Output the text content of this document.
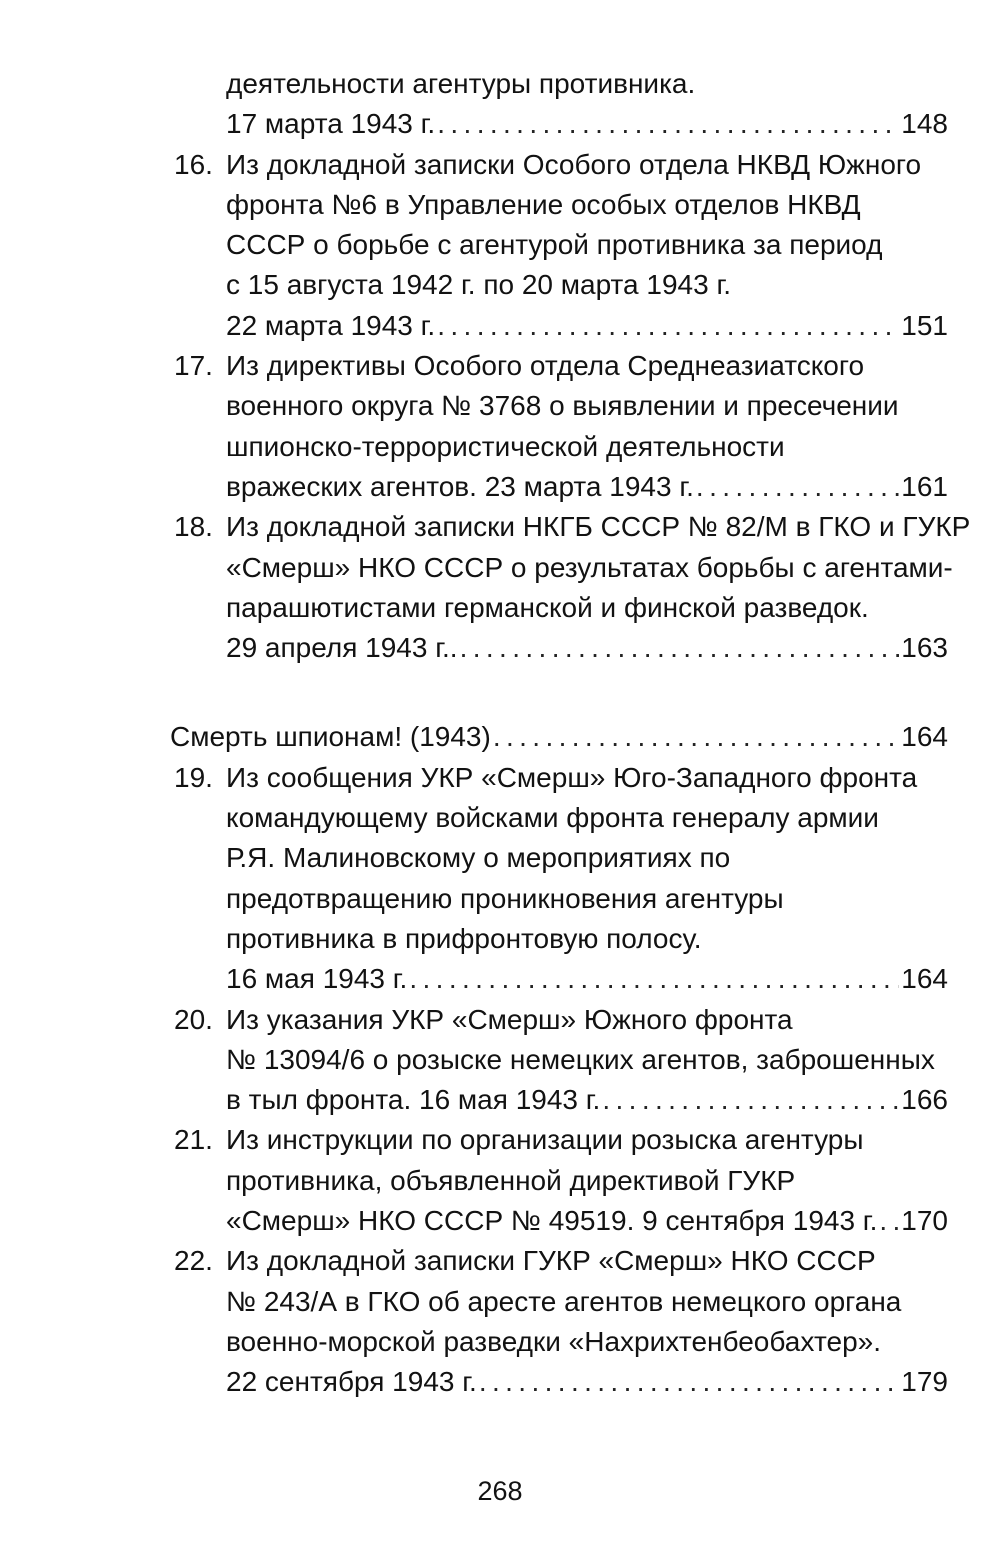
деятельности агентуры противника.
17 марта 1943 г. . . .	148
16. Из докладной записки Особого отдела НКВД Южного
фронта №6 в Управление особых отделов НКВД
СССР о борьбе с агентурой противника за период
с 15 августа 1942 г. по 20 марта 1943 г.
22 марта 1943 г. . . .	151
17. Из директивы Особого отдела Среднеазиатского
военного округа № 3768 о выявлении и пресечении
шпионско-террористической деятельности
вражеских агентов. 23 марта 1943 г. . . .	161
18. Из докладной записки НКГБ СССР № 82/М в ГКО и ГУКР
«Смерш» НКО СССР о результатах борьбы с агентами-
парашютистами германской и финской разведок.
29 апреля 1943 г.. . . .	163
Смерть шпионам! (1943) . . .	164
19. Из сообщения УКР «Смерш» Юго-Западного фронта
командующему войсками фронта генералу армии
Р.Я. Малиновскому о мероприятиях по
предотвращению проникновения агентуры
противника в прифронтовую полосу.
16 мая 1943 г. . . .	164
20. Из указания УКР «Смерш» Южного фронта
№ 13094/6 о розыске немецких агентов, заброшенных
в тыл фронта. 16 мая 1943 г. . . .	166
21. Из инструкции по организации розыска агентуры
противника, объявленной директивой ГУКР
«Смерш» НКО СССР № 49519. 9 сентября 1943 г. . . . 170
22. Из докладной записки ГУКР «Смерш» НКО СССР
№ 243/А в ГКО об аресте агентов немецкого органа
военно-морской разведки «Нахрихтенбеобахтер».
22 сентября 1943 г. . . .	179
268
